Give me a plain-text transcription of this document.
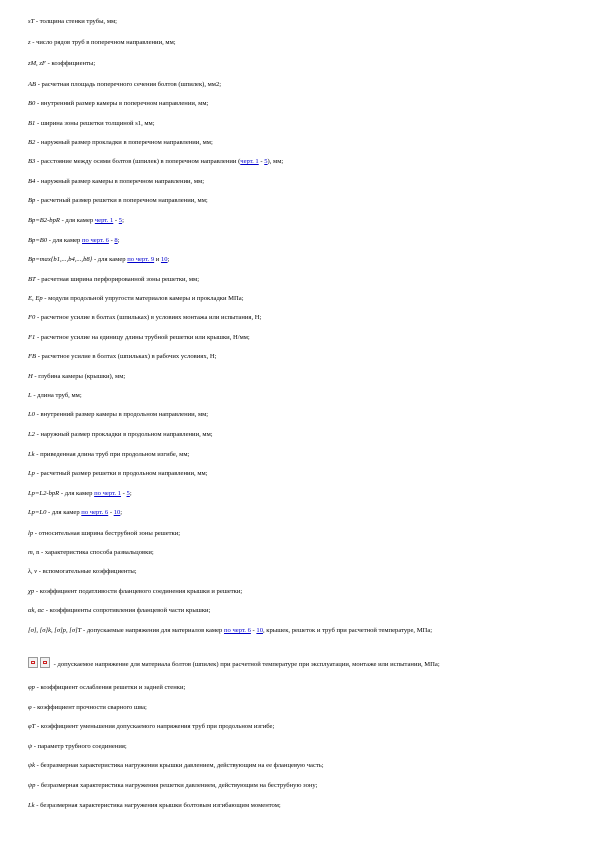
sT - толщина стенки трубы, мм;
z - число рядов труб в поперечном направлении, мм;
zM, zF - коэффициенты;
AB - расчетная площадь поперечного сечения болтов (шпилек), мм2;
B0 - внутренний размер камеры в поперечном направлении, мм;
B1 - ширина зоны решетки толщиной s1, мм;
B2 - наружный размер прокладки в поперечном направлении, мм;
B3 - расстояние между осями болтов (шпилек) в поперечном направлении (черт. 1 - 5), мм;
B4 - наружный размер камеры в поперечном направлении, мм;
Bp - расчетный размер решетки в поперечном направлении, мм;
Bp=B2-bpR - для камер черт. 1 - 5;
Bp=B0 - для камер по черт. 6 - 8;
Bp=max{b1,...,b4,...,b8} - для камер по черт. 9 и 10;
BT - расчетная ширина перфорированной зоны решетки, мм;
E, Ep - модули продольной упругости материалов камеры и прокладки МПа;
F0 - расчетное усилие в болтах (шпильках) в условиях монтажа или испытания, Н;
F1 - расчетное усилие на единицу длины трубной решетки или крышки, Н/мм;
FB - расчетное усилие в болтах (шпильках) в рабочих условиях, Н;
H - глубина камеры (крышки), мм;
L - длина труб, мм;
L0 - внутренний размер камеры в продольном направлении, мм;
L2 - наружный размер прокладки в продольном направлении, мм;
Lk - приведенная длина труб при продольном изгибе, мм;
Lp - расчетный размер решетки в продольном направлении, мм;
Lp=L2-bpR - для камер по черт. 1 - 5;
Lp=L0 - для камер по черт. 6 - 10;
lp - относительная ширина беструбной зоны решетки;
m, n - характеристика способа развальцовки;
λ, ν - вспомогательные коэффициенты;
χp - коэффициент податливости фланцевого соединения крышки и решетки;
αk, αc - коэффициенты сопротивления фланцевой части крышки;
[σ], [σ]k, [σ]p, [σ]T - допускаемые напряжения для материалов камер по черт. 6 - 10, крышек, решеток и труб при расчетной температуре, МПа;
- допускаемое напряжение для материала болтов (шпилек) при расчетной температуре при эксплуатации, монтаже или испытании, МПа;
φp - коэффициент ослабления решетки и задней стенки;
φ - коэффициент прочности сварного шва;
φT - коэффициент уменьшения допускаемого напряжения труб при продольном изгибе;
ψ - параметр трубного соединения;
ψk - безразмерная характеристика нагружения крышки давлением, действующим на ее фланцевую часть;
ψp - безразмерная характеристика нагружения решетки давлением, действующим на беструбную зону;
Lk - безразмерная характеристика нагружения крышки болтовым изгибающим моментом;
